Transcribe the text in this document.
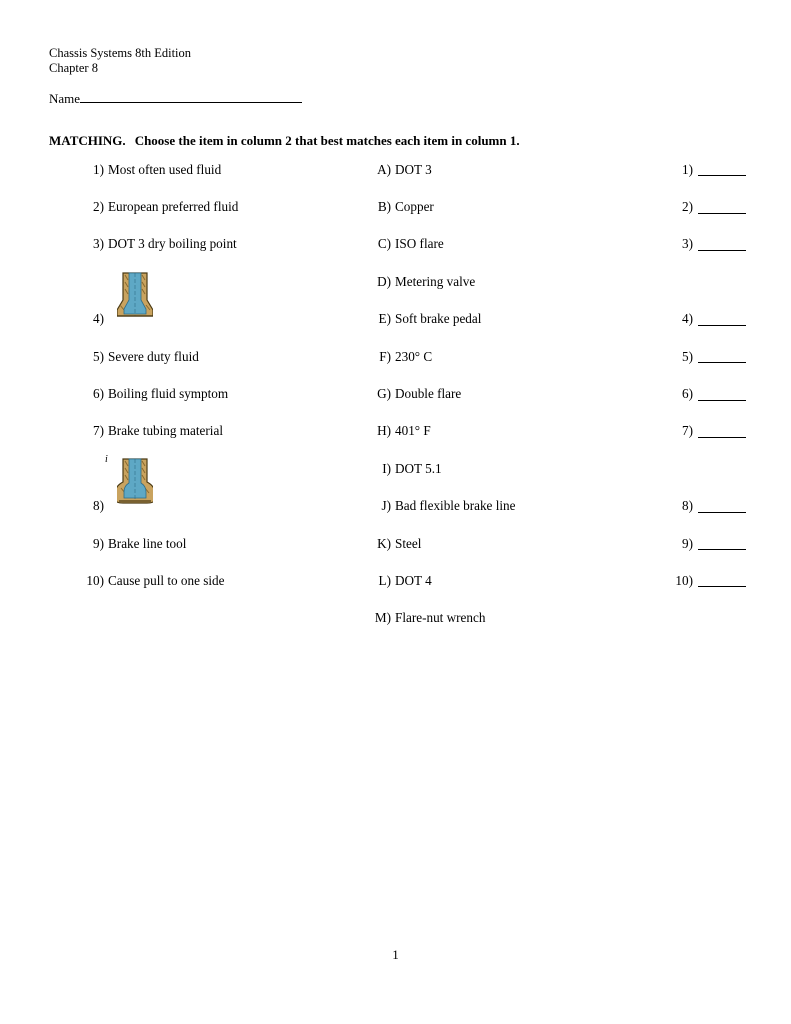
Chassis Systems 8th Edition
Chapter 8
Name
MATCHING. Choose the item in column 2 that best matches each item in column 1.
1) Most often used fluid	A) DOT 3	1)
2) European preferred fluid	B) Copper	2)
3) DOT 3 dry boiling point	C) ISO flare	3)
D) Metering valve
4)	E) Soft brake pedal	4)
5) Severe duty fluid	F) 230° C	5)
6) Boiling fluid symptom	G) Double flare	6)
7) Brake tubing material	H) 401° F	7)
i
I) DOT 5.1
8)	J) Bad flexible brake line	8)
9) Brake line tool	K) Steel	9)
10) Cause pull to one side	L) DOT 4	10)
M) Flare-nut wrench
1
